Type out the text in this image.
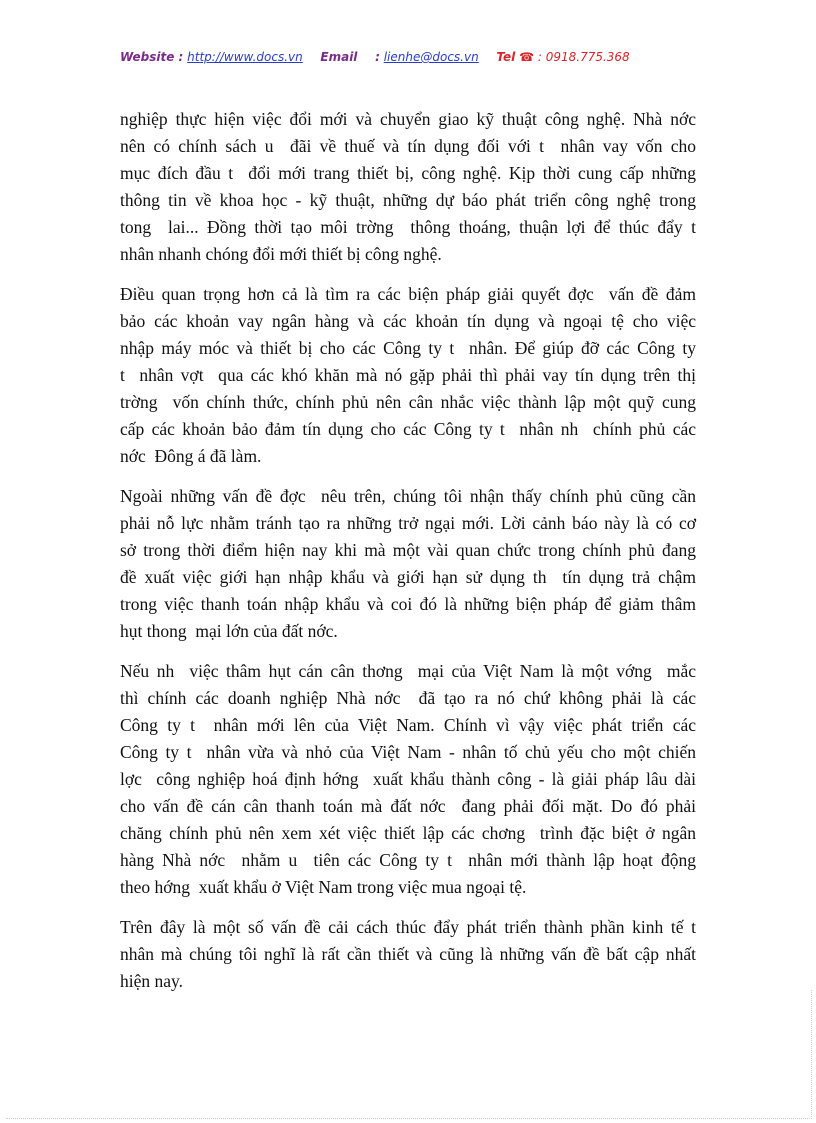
Website : http://www.docs.vn Email : lienhe@docs.vn Tel ☎ : 0918.775.368
nghiệp thực hiện việc đổi mới và chuyển giao kỹ thuật công nghệ. Nhà nớc
nên có chính sách u  đãi về thuế và tín dụng đối với t  nhân vay vốn cho
mục đích đầu t  đổi mới trang thiết bị, công nghệ. Kịp thời cung cấp những
thông tin về khoa học - kỹ thuật, những dự báo phát triển công nghệ trong
tong  lai... Đồng thời tạo môi trờng  thông thoáng, thuận lợi để thúc đẩy t
nhân nhanh chóng đổi mới thiết bị công nghệ.
Điều quan trọng hơn cả là tìm ra các biện pháp giải quyết đợc  vấn đề đảm
bảo các khoản vay ngân hàng và các khoản tín dụng và ngoại tệ cho việc
nhập máy móc và thiết bị cho các Công ty t  nhân. Để giúp đỡ các Công ty
t  nhân vợt  qua các khó khăn mà nó gặp phải thì phải vay tín dụng trên thị
trờng  vốn chính thức, chính phủ nên cân nhắc việc thành lập một quỹ cung
cấp các khoản bảo đảm tín dụng cho các Công ty t  nhân nh  chính phủ các
nớc  Đông á đã làm.
Ngoài những vấn đề đợc  nêu trên, chúng tôi nhận thấy chính phủ cũng cần
phải nỗ lực nhằm tránh tạo ra những trở ngại mới. Lời cảnh báo này là có cơ
sở trong thời điểm hiện nay khi mà một vài quan chức trong chính phủ đang
đề xuất việc giới hạn nhập khẩu và giới hạn sử dụng th  tín dụng trả chậm
trong việc thanh toán nhập khẩu và coi đó là những biện pháp để giảm thâm
hụt thong  mại lớn của đất nớc.
Nếu nh  việc thâm hụt cán cân thơng  mại của Việt Nam là một vớng  mắc
thì chính các doanh nghiệp Nhà nớc  đã tạo ra nó chứ không phải là các
Công ty t  nhân mới lên của Việt Nam. Chính vì vậy việc phát triển các
Công ty t  nhân vừa và nhỏ của Việt Nam - nhân tố chủ yếu cho một chiến
lợc  công nghiệp hoá định hớng  xuất khẩu thành công - là giải pháp lâu dài
cho vấn đề cán cân thanh toán mà đất nớc  đang phải đối mặt. Do đó phải
chăng chính phủ nên xem xét việc thiết lập các chơng  trình đặc biệt ở ngân
hàng Nhà nớc  nhằm u  tiên các Công ty t  nhân mới thành lập hoạt động
theo hớng  xuất khẩu ở Việt Nam trong việc mua ngoại tệ.
Trên đây là một số vấn đề cải cách thúc đẩy phát triển thành phần kinh tế t
nhân mà chúng tôi nghĩ là rất cần thiết và cũng là những vấn đề bất cập nhất
hiện nay.
